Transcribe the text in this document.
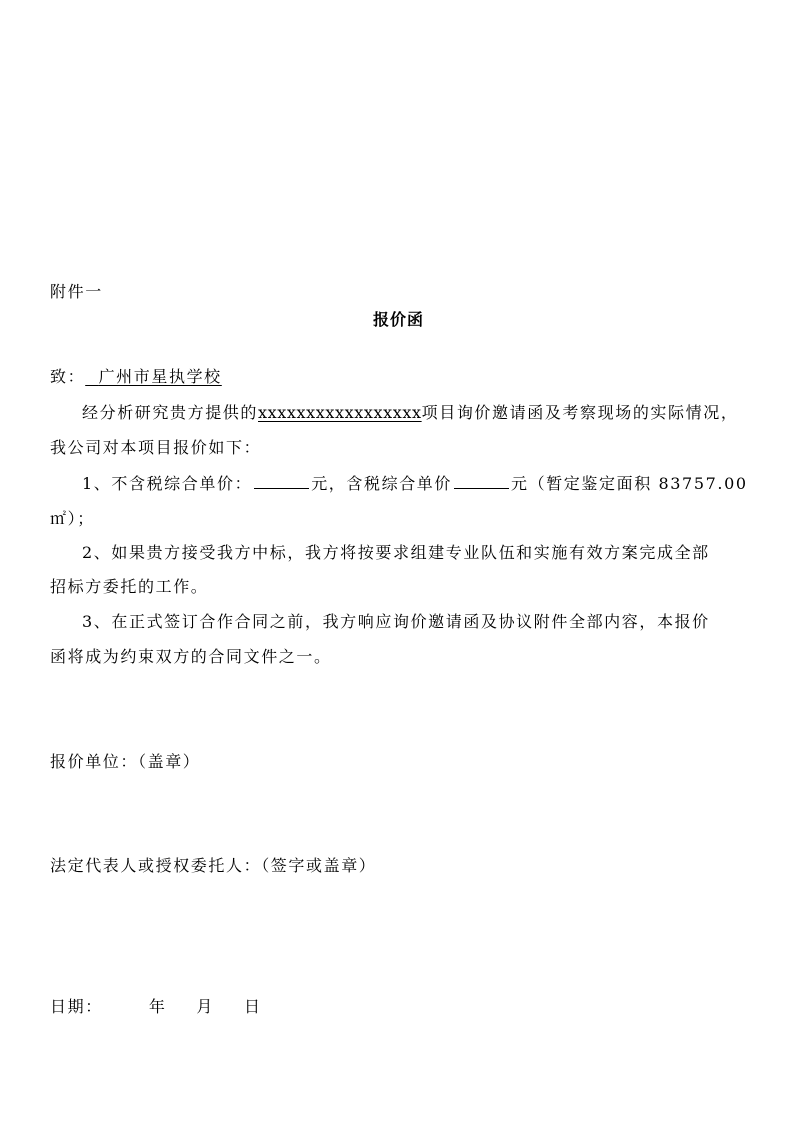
附件一
报价函
致： 广州市星执学校
经分析研究贵方提供的xxxxxxxxxxxxxxxxx项目询价邀请函及考察现场的实际情况，
我公司对本项目报价如下：
1、不含税综合单价：	元，含税综合单价	元（暂定鉴定面积 83757.00
㎡）；
2、如果贵方接受我方中标，我方将按要求组建专业队伍和实施有效方案完成全部
招标方委托的工作。
3、在正式签订合作合同之前，我方响应询价邀请函及协议附件全部内容，本报价
函将成为约束双方的合同文件之一。
报价单位：（盖章）
法定代表人或授权委托人：（签字或盖章）
日期：	年 月 日
